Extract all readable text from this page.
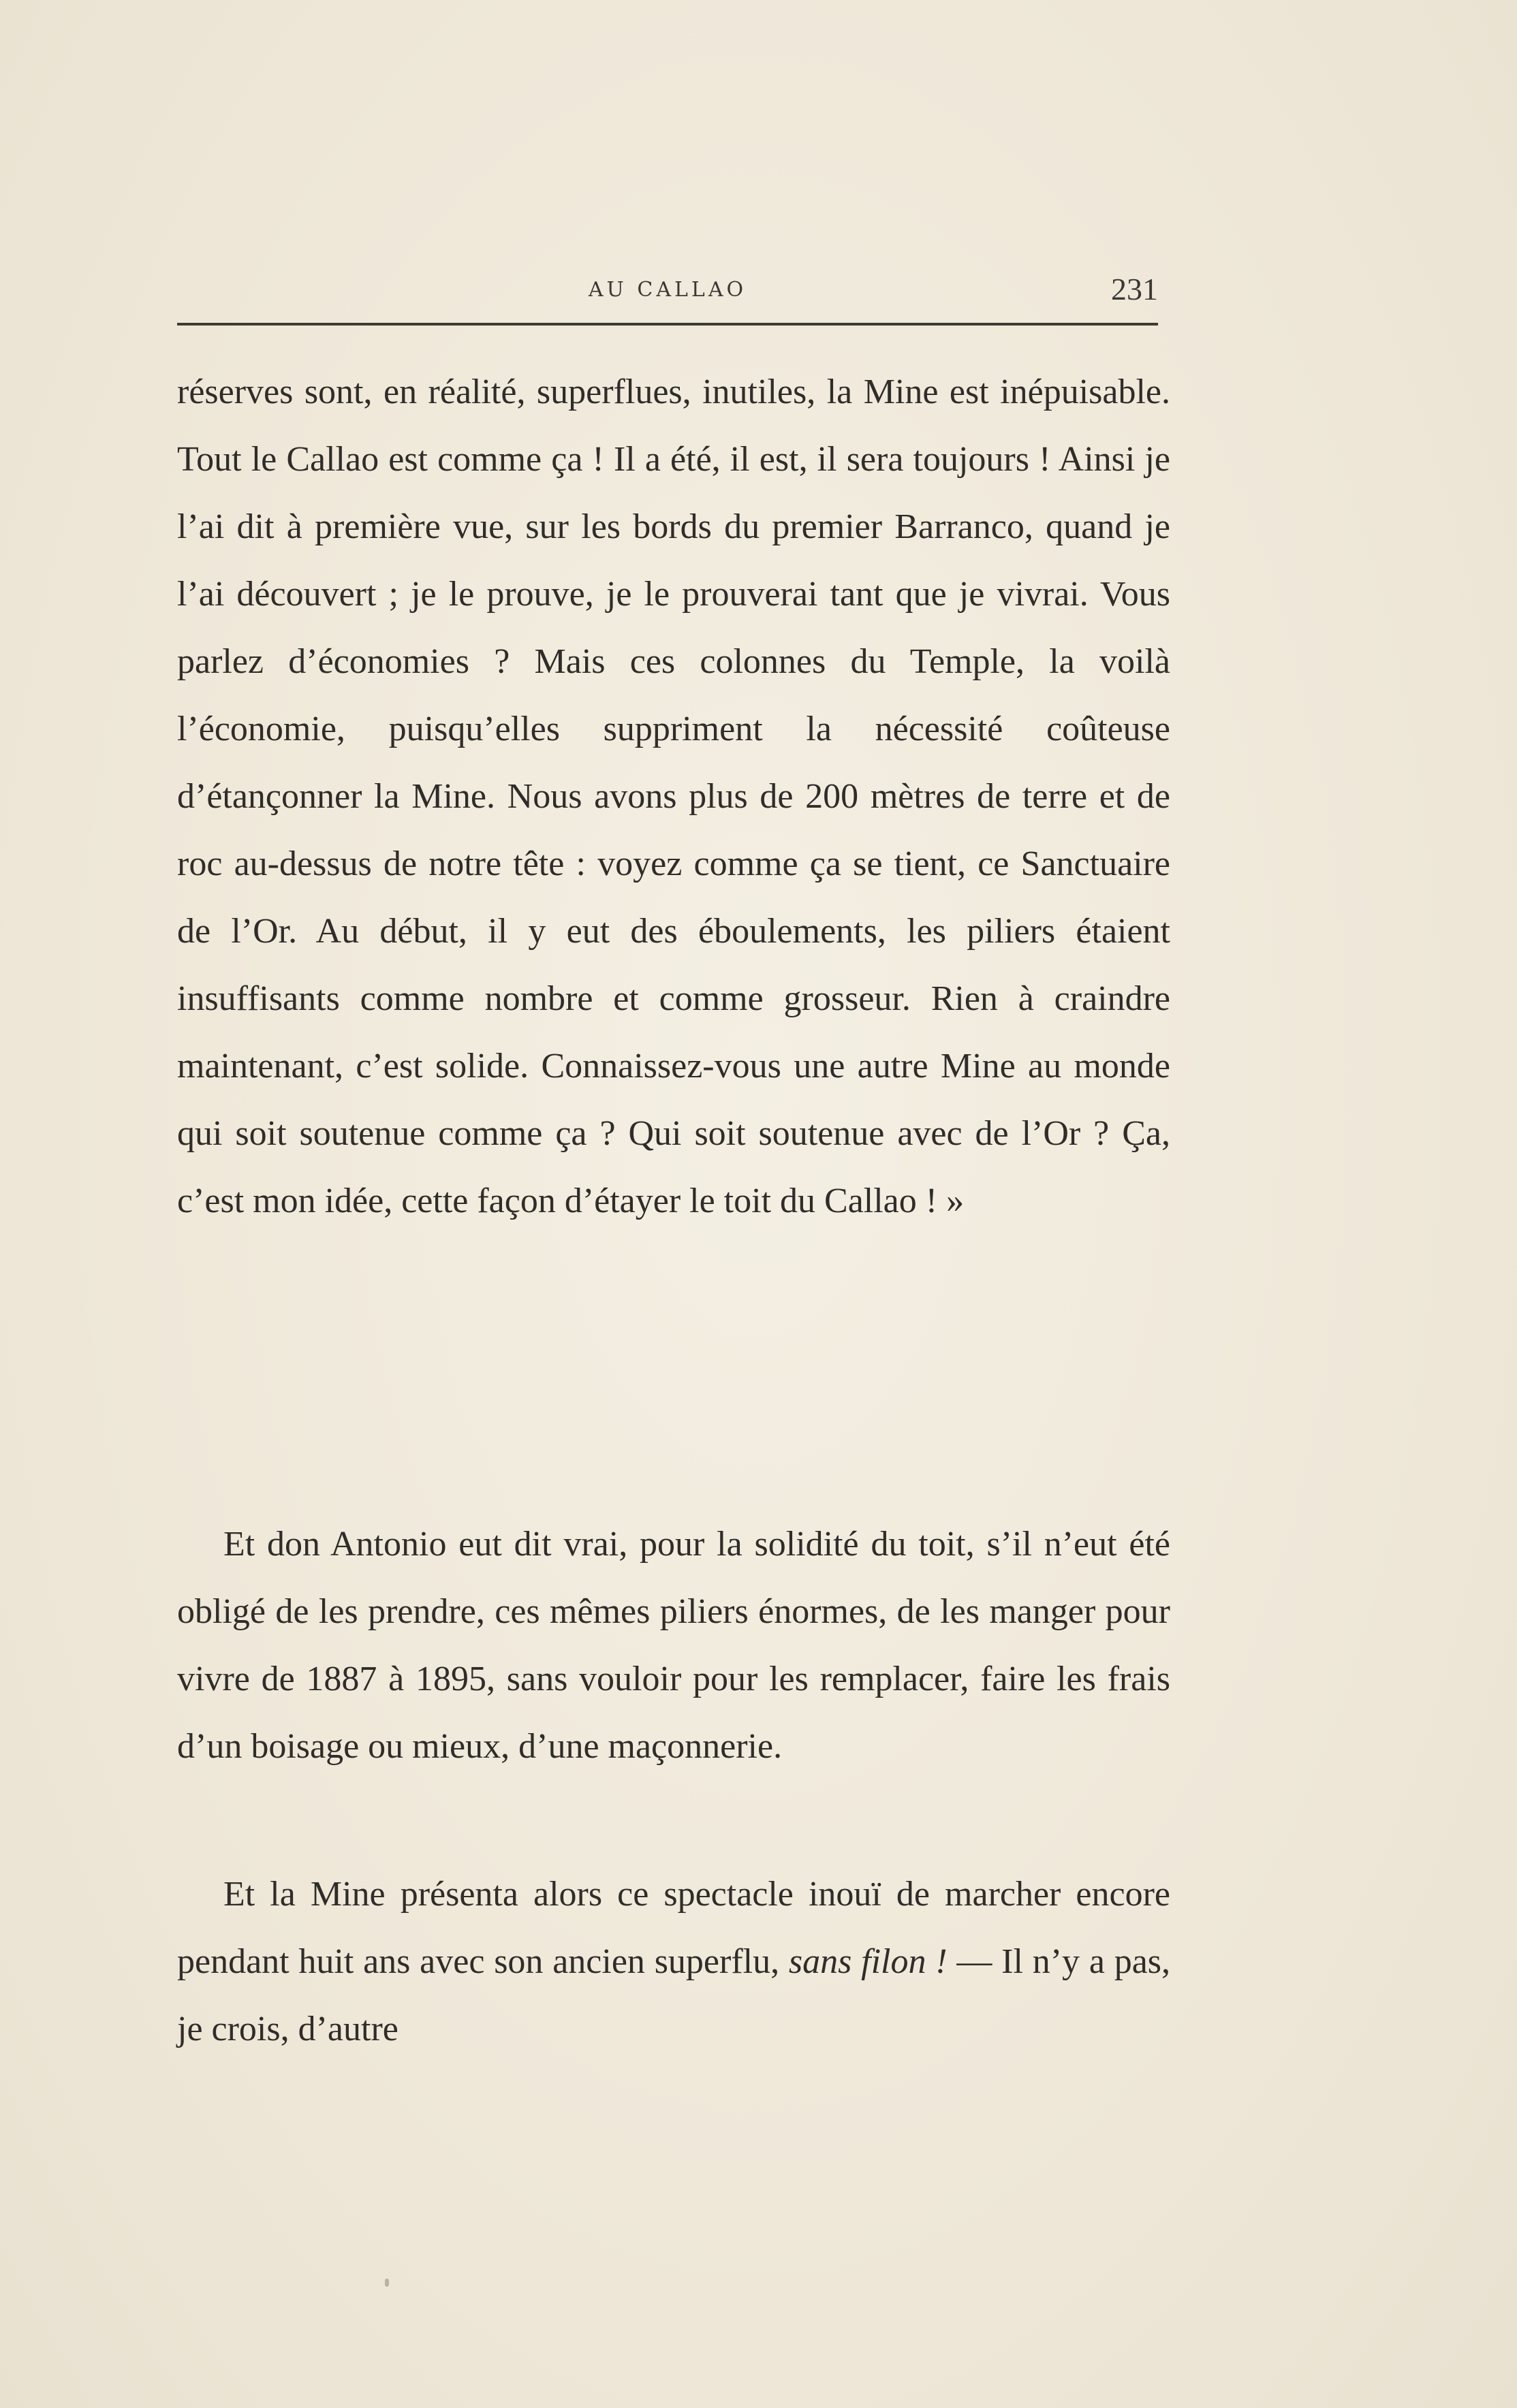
AU CALLAO	231

réserves sont, en réalité, superflues, inutiles, la Mine est inépuisable. Tout le Callao est comme ça ! Il a été, il est, il sera toujours ! Ainsi je l’ai dit à première vue, sur les bords du premier Barranco, quand je l’ai découvert ; je le prouve, je le prouverai tant que je vivrai. Vous parlez d’économies ? Mais ces colonnes du Temple, la voilà l’économie, puisqu’elles suppriment la nécessité coûteuse d’étançonner la Mine. Nous avons plus de 200 mètres de terre et de roc au-dessus de notre tête : voyez comme ça se tient, ce Sanctuaire de l’Or. Au début, il y eut des éboulements, les piliers étaient insuffisants comme nombre et comme grosseur. Rien à craindre maintenant, c’est solide. Connaissez-vous une autre Mine au monde qui soit soutenue comme ça ? Qui soit soutenue avec de l’Or ? Ça, c’est mon idée, cette façon d’étayer le toit du Callao ! »

Et don Antonio eut dit vrai, pour la solidité du toit, s’il n’eut été obligé de les prendre, ces mêmes piliers énormes, de les manger pour vivre de 1887 à 1895, sans vouloir pour les remplacer, faire les frais d’un boisage ou mieux, d’une maçonnerie.

Et la Mine présenta alors ce spectacle inouï de marcher encore pendant huit ans avec son ancien superflu, sans filon ! — Il n’y a pas, je crois, d’autre
